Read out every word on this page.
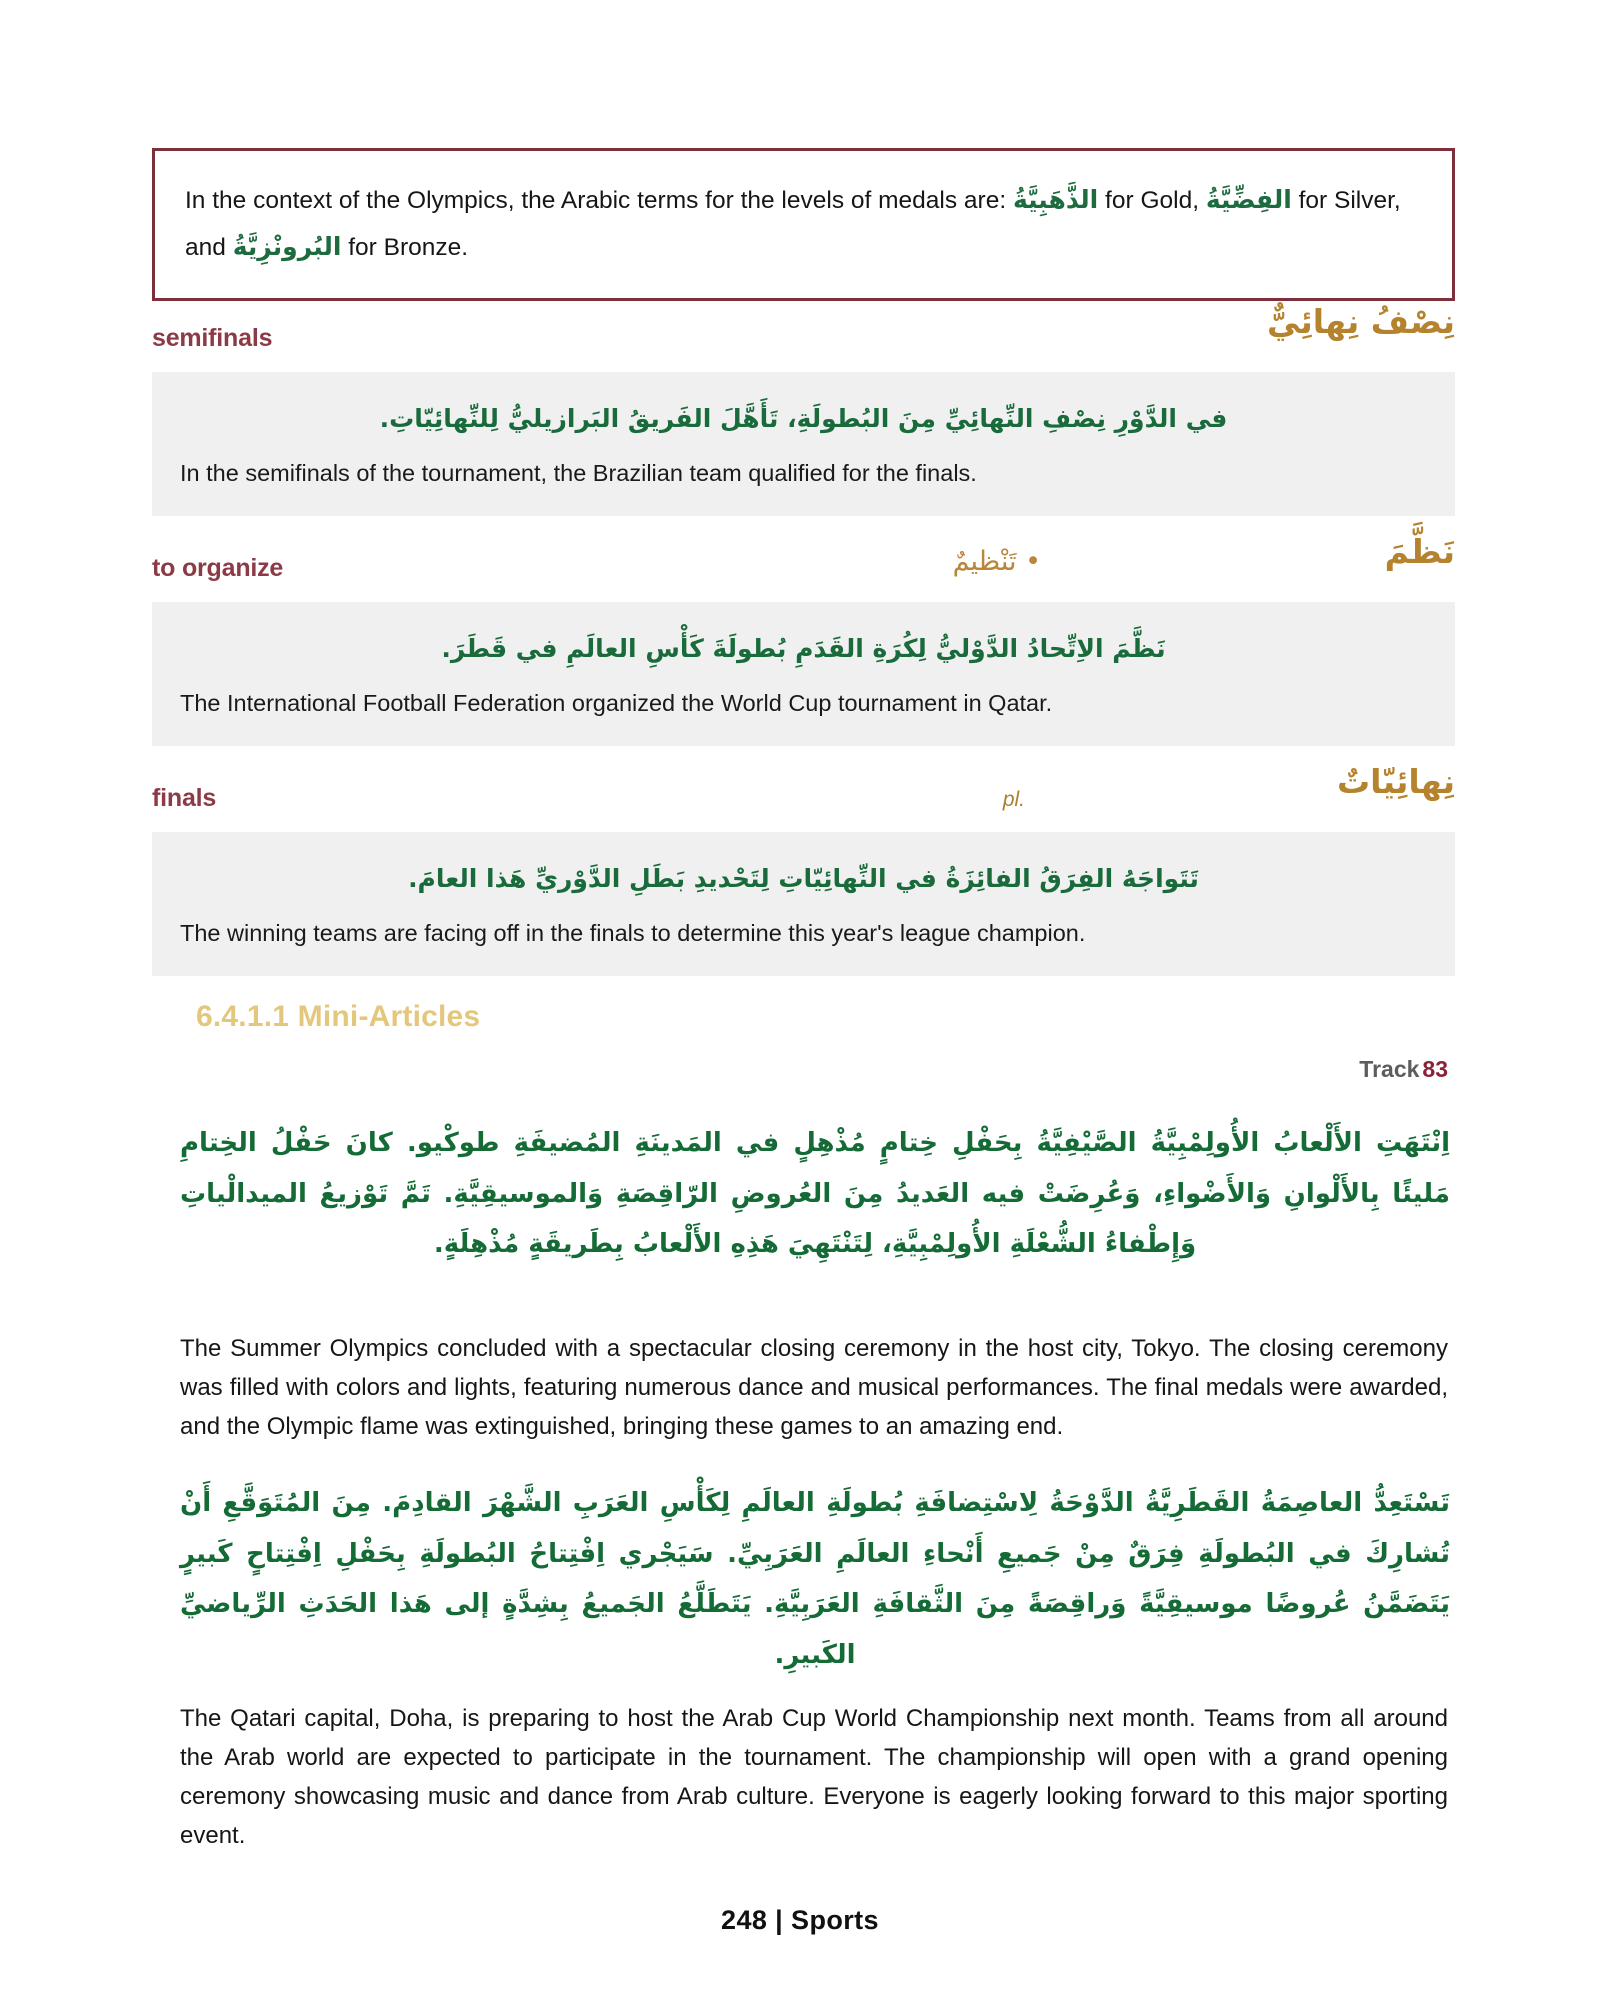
In the context of the Olympics, the Arabic terms for the levels of medals are: الذَّهَبِيَّةُ for Gold, الفِضِّيَّةُ for Silver, and البُرونْزِيَّةُ for Bronze.
semifinals	نِصْفُ نِهائِيٌّ
في الدَّوْرِ نِصْفِ النِّهائِيِّ مِنَ البُطولَةِ، تَأَهَّلَ الفَريقُ البَرازيليُّ لِلنِّهائِيّاتِ.
In the semifinals of the tournament, the Brazilian team qualified for the finals.
to organize	• تَنْظيمٌ	نَظَّمَ
نَظَّمَ الاِتِّحادُ الدَّوْليُّ لِكُرَةِ القَدَمِ بُطولَةَ كَأْسِ العالَمِ في قَطَرَ.
The International Football Federation organized the World Cup tournament in Qatar.
finals	pl.	نِهائِيّاتٌ
تَتَواجَهُ الفِرَقُ الفائِزَةُ في النِّهائِيّاتِ لِتَحْديدِ بَطَلِ الدَّوْريِّ هَذا العامَ.
The winning teams are facing off in the finals to determine this year's league champion.
6.4.1.1 Mini-Articles
Track 83
اِنْتَهَتِ الأَلْعابُ الأُولِمْبِيَّةُ الصَّيْفِيَّةُ بِحَفْلِ خِتامٍ مُذْهِلٍ في المَدينَةِ المُضيفَةِ طوكْيو. كانَ حَفْلُ الخِتامِ مَليئًا بِالأَلْوانِ وَالأَضْواءِ، وَعُرِضَتْ فيه العَديدُ مِنَ العُروضِ الرّاقِصَةِ وَالموسيقِيَّةِ. تَمَّ تَوْزيعُ الميدالْياتِ وَإِطْفاءُ الشُّعْلَةِ الأُولِمْبِيَّةِ، لِتَنْتَهِيَ هَذِهِ الأَلْعابُ بِطَريقَةٍ مُذْهِلَةٍ.
The Summer Olympics concluded with a spectacular closing ceremony in the host city, Tokyo. The closing ceremony was filled with colors and lights, featuring numerous dance and musical performances. The final medals were awarded, and the Olympic flame was extinguished, bringing these games to an amazing end.
تَسْتَعِدُّ العاصِمَةُ القَطَرِيَّةُ الدَّوْحَةُ لِاسْتِضافَةِ بُطولَةِ العالَمِ لِكَأْسِ العَرَبِ الشَّهْرَ القادِمَ. مِنَ المُتَوَقَّعِ أَنْ تُشارِكَ في البُطولَةِ فِرَقٌ مِنْ جَميعِ أَنْحاءِ العالَمِ العَرَبِيِّ. سَيَجْري اِفْتِتاحُ البُطولَةِ بِحَفْلِ اِفْتِتاحٍ كَبيرٍ يَتَضَمَّنُ عُروضًا موسيقِيَّةً وَراقِصَةً مِنَ الثَّقافَةِ العَرَبِيَّةِ. يَتَطَلَّعُ الجَميعُ بِشِدَّةٍ إلى هَذا الحَدَثِ الرِّياضيِّ الكَبيرِ.
The Qatari capital, Doha, is preparing to host the Arab Cup World Championship next month. Teams from all around the Arab world are expected to participate in the tournament. The championship will open with a grand opening ceremony showcasing music and dance from Arab culture. Everyone is eagerly looking forward to this major sporting event.
248 | Sports
